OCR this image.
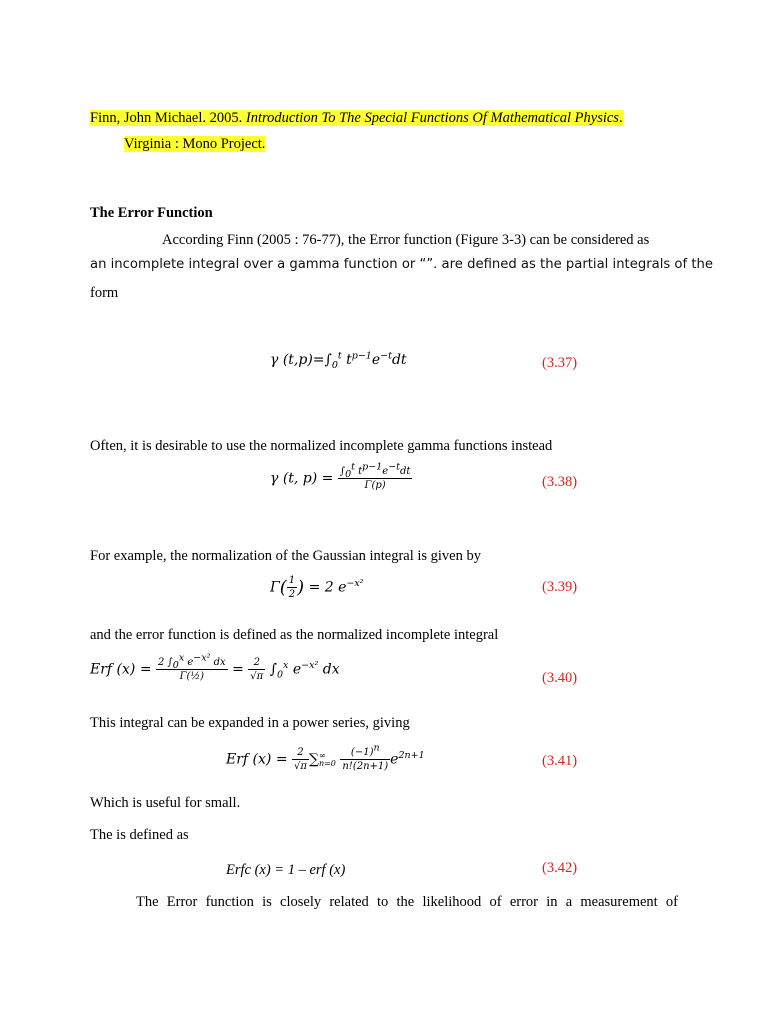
Finn, John Michael. 2005. Introduction To The Special Functions Of Mathematical Physics.
Virginia : Mono Project.
The Error Function
According Finn (2005 : 76-77), the Error function (Figure 3-3) can be considered as
an incomplete integral over a gamma function or “”. are defined as the partial integrals of the
form
γ $(t,p)=\int_0^t$ $t^{p-1}e^{-t}dt$	(3.37)
Often, it is desirable to use the normalized incomplete gamma functions instead
γ (t, $p) = \frac{\int_0^t t^{p-1}e^{-t}dt}{\Gamma(p)}$	(3.38)
For example, the normalization of the Gaussian integral is given by
$\Gamma( \frac{1}{2}$ ) = 2 $e^{-x^2}$	(3.39)
and the error function is defined as the normalized incomplete integral
Erf $(x) = \frac{2 \int_0^x e^{-x^2} dx}{\text{Γ(½)}} = \frac{2}{√\pi} \int_0^x$ $e^{-x^2}$ dx
(3.40)
This integral can be expanded in a power series, giving
Erf $(x) = \frac{2}{√\pi}$ ∑∞
$n=0 \frac{(-1)^n}{n!(2n+1)} e^{2n+1}$	(3.41)
Which is useful for small.
The is defined as
Erfc (x) = 1 – erf (x)	(3.42)
The Error function is closely related to the likelihood of error in a measurement of
